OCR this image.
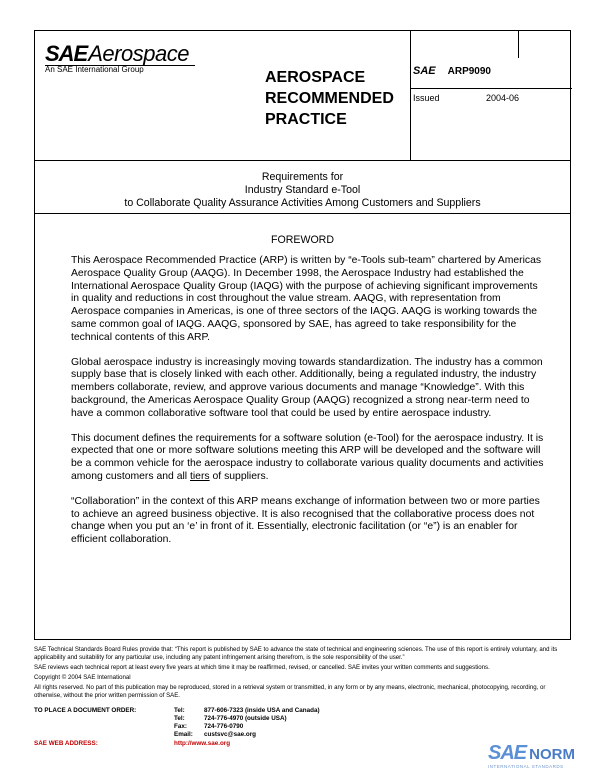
SAE Aerospace
An SAE International Group	AEROSPACE
RECOMMENDED
PRACTICE
SAE ARP9090
Issued	2004-06
Requirements for
Industry Standard e-Tool
to Collaborate Quality Assurance Activities Among Customers and Suppliers
FOREWORD

This Aerospace Recommended Practice (ARP) is written by “e-Tools sub-team” chartered by Americas Aerospace Quality Group (AAQG). In December 1998, the Aerospace Industry had established the International Aerospace Quality Group (IAQG) with the purpose of achieving significant improvements in quality and reductions in cost throughout the value stream. AAQG, with representation from Aerospace companies in Americas, is one of three sectors of the IAQG. AAQG is working towards the same common goal of IAQG. AAQG, sponsored by SAE, has agreed to take responsibility for the technical contents of this ARP.

Global aerospace industry is increasingly moving towards standardization. The industry has a common supply base that is closely linked with each other. Additionally, being a regulated industry, the industry members collaborate, review, and approve various documents and manage “Knowledge”. With this background, the Americas Aerospace Quality Group (AAQG) recognized a strong near-term need to have a common collaborative software tool that could be used by entire aerospace industry.

This document defines the requirements for a software solution (e-Tool) for the aerospace industry. It is expected that one or more software solutions meeting this ARP will be developed and the software will be a common vehicle for the aerospace industry to collaborate various quality documents and activities among customers and all tiers of suppliers.

“Collaboration” in the context of this ARP means exchange of information between two or more parties to achieve an agreed business objective. It is also recognised that the collaborative process does not change when you put an ‘e’ in front of it. Essentially, electronic facilitation (or “e”) is an enabler for efficient collaboration.

SAE Technical Standards Board Rules provide that: “This report is published by SAE to advance the state of technical and engineering sciences. The use of this report is entirely voluntary, and its applicability and suitability for any particular use, including any patent infringement arising therefrom, is the sole responsibility of the user.”

SAE reviews each technical report at least every five years at which time it may be reaffirmed, revised, or cancelled. SAE invites your written comments and suggestions.

Copyright © 2004 SAE International

All rights reserved. No part of this publication may be reproduced, stored in a retrieval system or transmitted, in any form or by any means, electronic, mechanical, photocopying, recording, or otherwise, without the prior written permission of SAE.

TO PLACE A DOCUMENT ORDER:	Tel:	877-606-7323 (inside USA and Canada)
Tel:	724-776-4970 (outside USA)
Fax:	724-776-0790
Email: custsvc@sae.org
SAE WEB ADDRESS:	http://www.sae.org	SAE NORM
INTERNATIONAL STANDARDS
